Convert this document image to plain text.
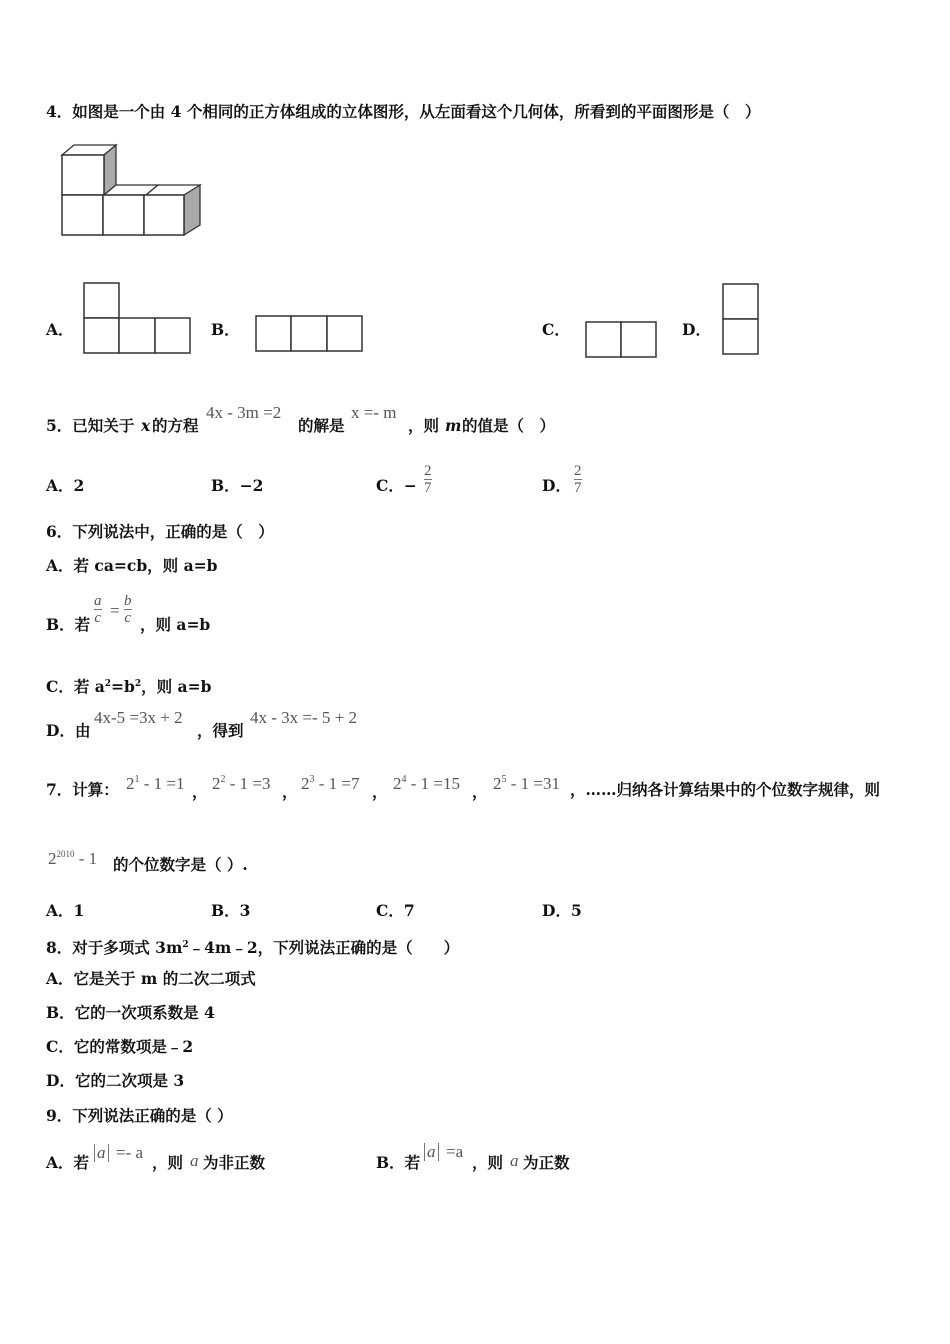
4．如图是一个由 4 个相同的正方体组成的立体图形，从左面看这个几何体，所看到的平面图形是（　）
A．	B．	C．	D．
5．已知关于 x 的方程
4x - 3m =2
的解是
x =- m
，则 m 的值是（　）
A．2	B．−2	C．−
2
7	D．
2
7
6．下列说法中，正确的是（　）
A．若 ca=cb，则 a=b
B．若
a
c = b
c ，则 a=b
C．若 $a^2=b^2$，则 a=b
D．由
4x-5 =3x + 2
，得到
4x - 3x =- 5 + 2
7．计算： $2^1 - 1 =1$ ， $2^2 - 1 =3$ ， $2^3 - 1 =7$ ， $2^4 - 1 =15$ ， $2^5 - 1 =31$ ，……归纳各计算结果中的个位数字规律，则
$2^{2010} - 1$ 的个位数字是（ ）.
A．1	B．3	C．7	D．5
8．对于多项式 $3m^2﹣4m﹣2$，下列说法正确的是（　　）
A．它是关于 m 的二次二项式
B．它的一次项系数是 4
C．它的常数项是﹣2
D．它的二次项是 3
9．下列说法正确的是（ ）
A．若
a =- a
，则 a 为非正数	B．若
a =a
，则 a 为正数
